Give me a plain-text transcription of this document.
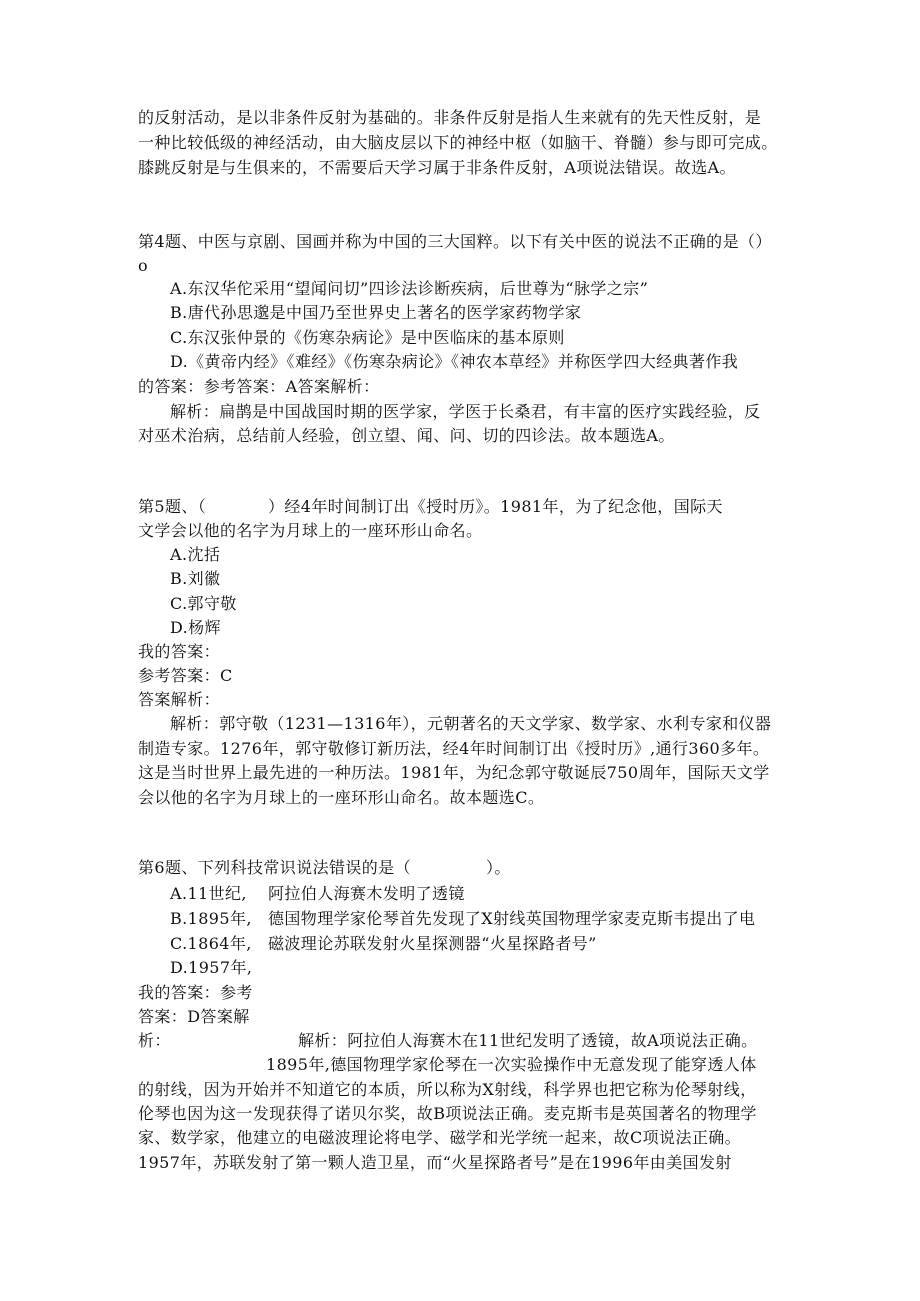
的反射活动，是以非条件反射为基础的。非条件反射是指人生来就有的先天性反射，是
一种比较低级的神经活动，由大脑皮层以下的神经中枢（如脑干、脊髓）参与即可完成。
膝跳反射是与生俱来的，不需要后天学习属于非条件反射，A项说法错误。故选A。
第4题、中医与京剧、国画并称为中国的三大国粹。以下有关中医的说法不正确的是（）
o
A.东汉华佗采用“望闻问切”四诊法诊断疾病，后世尊为“脉学之宗”
B.唐代孙思邈是中国乃至世界史上著名的医学家药物学家
C.东汉张仲景的《伤寒杂病论》是中医临床的基本原则
D.《黄帝内经》《难经》《伤寒杂病论》《神农本草经》并称医学四大经典著作我
的答案：参考答案：A答案解析：
解析：扁鹊是中国战国时期的医学家，学医于长桑君，有丰富的医疗实践经验，反
对巫术治病，总结前人经验，创立望、闻、问、切的四诊法。故本题选A。
第5题、（	）经4年时间制订出《授时历》。1981年，为了纪念他，国际天
文学会以他的名字为月球上的一座环形山命名。
A.沈括
B.刘徽
C.郭守敬
D.杨辉
我的答案：
参考答案：C
答案解析：
解析：郭守敬（1231—1316年），元朝著名的天文学家、数学家、水利专家和仪器
制造专家。1276年，郭守敬修订新历法，经4年时间制订出《授时历》,通行360多年。
这是当时世界上最先进的一种历法。1981年，为纪念郭守敬诞辰750周年，国际天文学
会以他的名字为月球上的一座环形山命名。故本题选C。
第6题、下列科技常识说法错误的是（	）。
A.11世纪, 阿拉伯人海赛木发明了透镜
B.1895年, 德国物理学家伦琴首先发现了X射线英国物理学家麦克斯韦提出了电
C.1864年, 磁波理论苏联发射火星探测器“火星探路者号”
D.1957年,
我的答案：参考
答案：D答案解
析：	解析：阿拉伯人海赛木在11世纪发明了透镜，故A项说法正确。
1895年,德国物理学家伦琴在一次实验操作中无意发现了能穿透人体
的射线，因为开始并不知道它的本质，所以称为X射线，科学界也把它称为伦琴射线，
伦琴也因为这一发现获得了诺贝尔奖，故B项说法正确。麦克斯韦是英国著名的物理学
家、数学家，他建立的电磁波理论将电学、磁学和光学统一起来，故C项说法正确。
1957年，苏联发射了第一颗人造卫星，而“火星探路者号”是在1996年由美国发射
